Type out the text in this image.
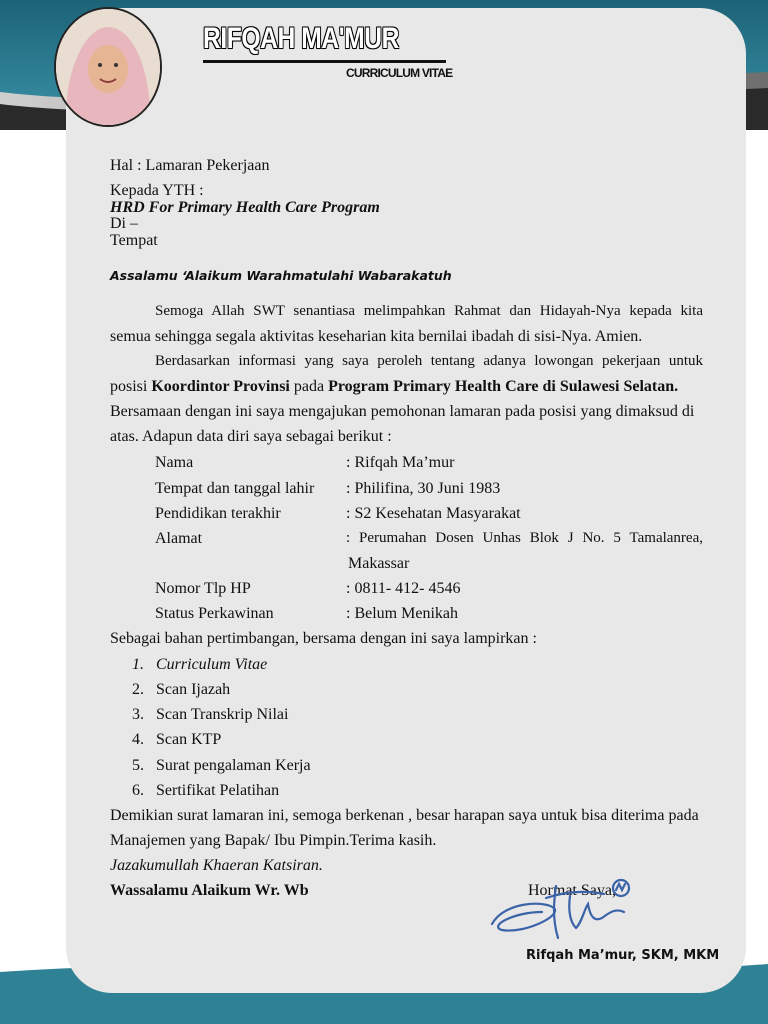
RIFQAH MA'MUR
CURRICULUM VITAE
Hal : Lamaran Pekerjaan
Kepada YTH :
HRD For Primary Health Care Program
Di –
Tempat
Assalamu ‘Alaikum Warahmatulahi Wabarakatuh
Semoga Allah SWT senantiasa melimpahkan Rahmat dan Hidayah-Nya kepada kita
semua sehingga segala aktivitas keseharian kita bernilai ibadah di sisi-Nya. Amien.
Berdasarkan informasi yang saya peroleh tentang adanya lowongan pekerjaan untuk
posisi Koordintor Provinsi pada Program Primary Health Care di Sulawesi Selatan.
Bersamaan dengan ini saya mengajukan pemohonan lamaran pada posisi yang dimaksud di
atas. Adapun data diri saya sebagai berikut :
Nama	: Rifqah Ma’mur
Tempat dan tanggal lahir : Philifina, 30 Juni 1983
Pendidikan terakhir	: S2 Kesehatan Masyarakat
Alamat	: Perumahan Dosen Unhas Blok J No. 5 Tamalanrea,
Makassar
Nomor Tlp HP	: 0811- 412- 4546
Status Perkawinan	: Belum Menikah
Sebagai bahan pertimbangan, bersama dengan ini saya lampirkan :
1. Curriculum Vitae
2. Scan Ijazah
3. Scan Transkrip Nilai
4. Scan KTP
5. Surat pengalaman Kerja
6. Sertifikat Pelatihan
Demikian surat lamaran ini, semoga berkenan , besar harapan saya untuk bisa diterima pada
Manajemen yang Bapak/ Ibu Pimpin.Terima kasih.
Jazakumullah Khaeran Katsiran.
Wassalamu Alaikum Wr. Wb	Hormat Saya,
Rifqah Ma’mur, SKM, MKM
